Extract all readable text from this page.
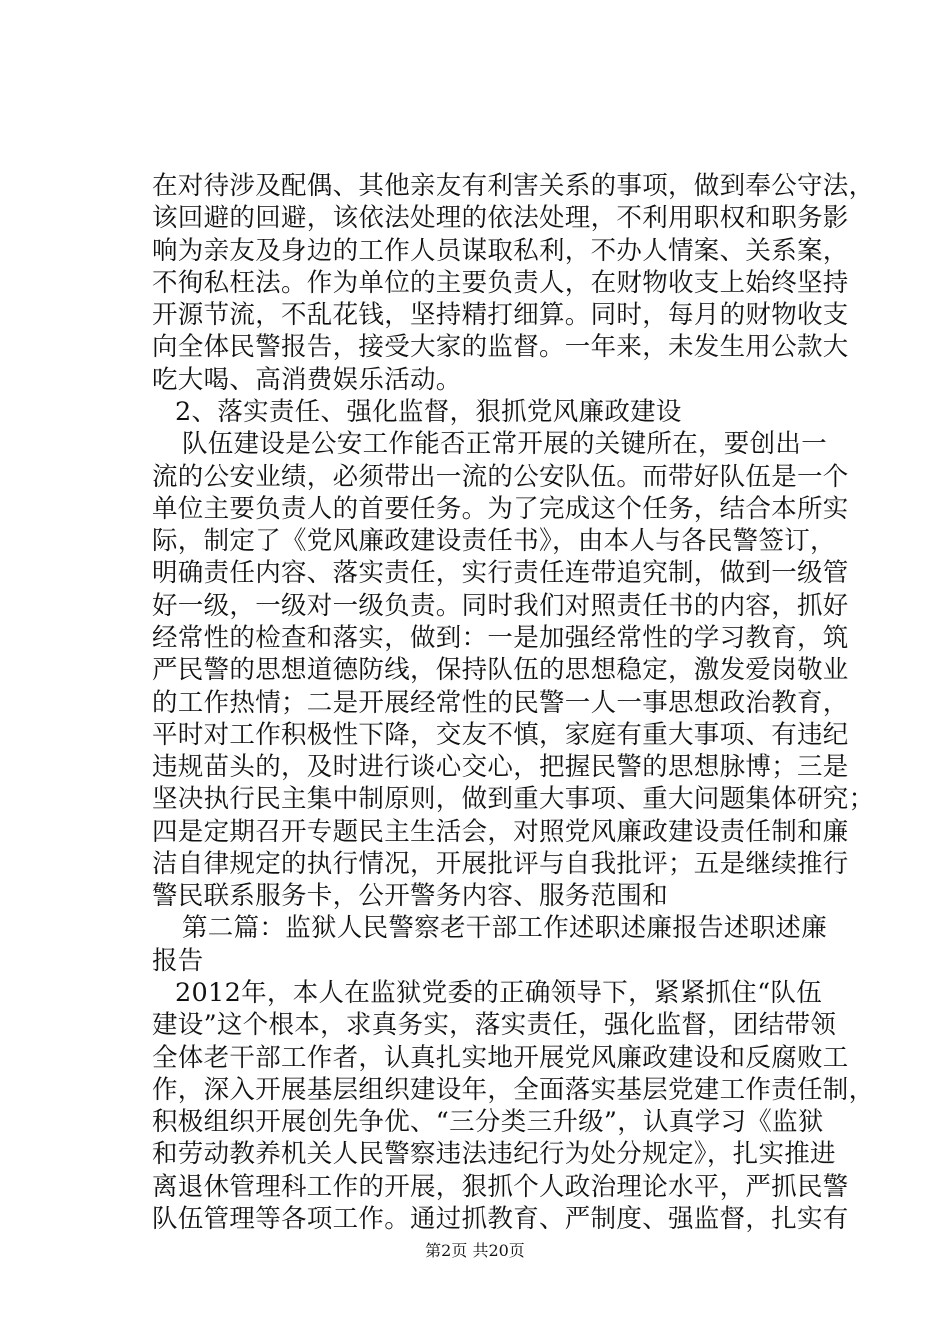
在对待涉及配偶、其他亲友有利害关系的事项，做到奉公守法，
该回避的回避，该依法处理的依法处理，不利用职权和职务影
响为亲友及身边的工作人员谋取私利，不办人情案、关系案，
不徇私枉法。作为单位的主要负责人，在财物收支上始终坚持
开源节流，不乱花钱，坚持精打细算。同时，每月的财物收支
向全体民警报告，接受大家的监督。一年来，未发生用公款大
吃大喝、高消费娱乐活动。
2、落实责任、强化监督，狠抓党风廉政建设
队伍建设是公安工作能否正常开展的关键所在，要创出一
流的公安业绩，必须带出一流的公安队伍。而带好队伍是一个
单位主要负责人的首要任务。为了完成这个任务，结合本所实
际，制定了《党风廉政建设责任书》，由本人与各民警签订，
明确责任内容、落实责任，实行责任连带追究制，做到一级管
好一级，一级对一级负责。同时我们对照责任书的内容，抓好
经常性的检查和落实，做到：一是加强经常性的学习教育，筑
严民警的思想道德防线，保持队伍的思想稳定，激发爱岗敬业
的工作热情；二是开展经常性的民警一人一事思想政治教育，
平时对工作积极性下降，交友不慎，家庭有重大事项、有违纪
违规苗头的，及时进行谈心交心，把握民警的思想脉博；三是
坚决执行民主集中制原则，做到重大事项、重大问题集体研究；
四是定期召开专题民主生活会，对照党风廉政建设责任制和廉
洁自律规定的执行情况，开展批评与自我批评；五是继续推行
警民联系服务卡，公开警务内容、服务范围和
第二篇：监狱人民警察老干部工作述职述廉报告述职述廉
报告
2012年，本人在监狱党委的正确领导下，紧紧抓住“队伍
建设”这个根本，求真务实，落实责任，强化监督，团结带领
全体老干部工作者，认真扎实地开展党风廉政建设和反腐败工
作，深入开展基层组织建设年，全面落实基层党建工作责任制，
积极组织开展创先争优、“三分类三升级”，认真学习《监狱
和劳动教养机关人民警察违法违纪行为处分规定》，扎实推进
离退休管理科工作的开展，狠抓个人政治理论水平，严抓民警
队伍管理等各项工作。通过抓教育、严制度、强监督，扎实有
第2页 共20页
